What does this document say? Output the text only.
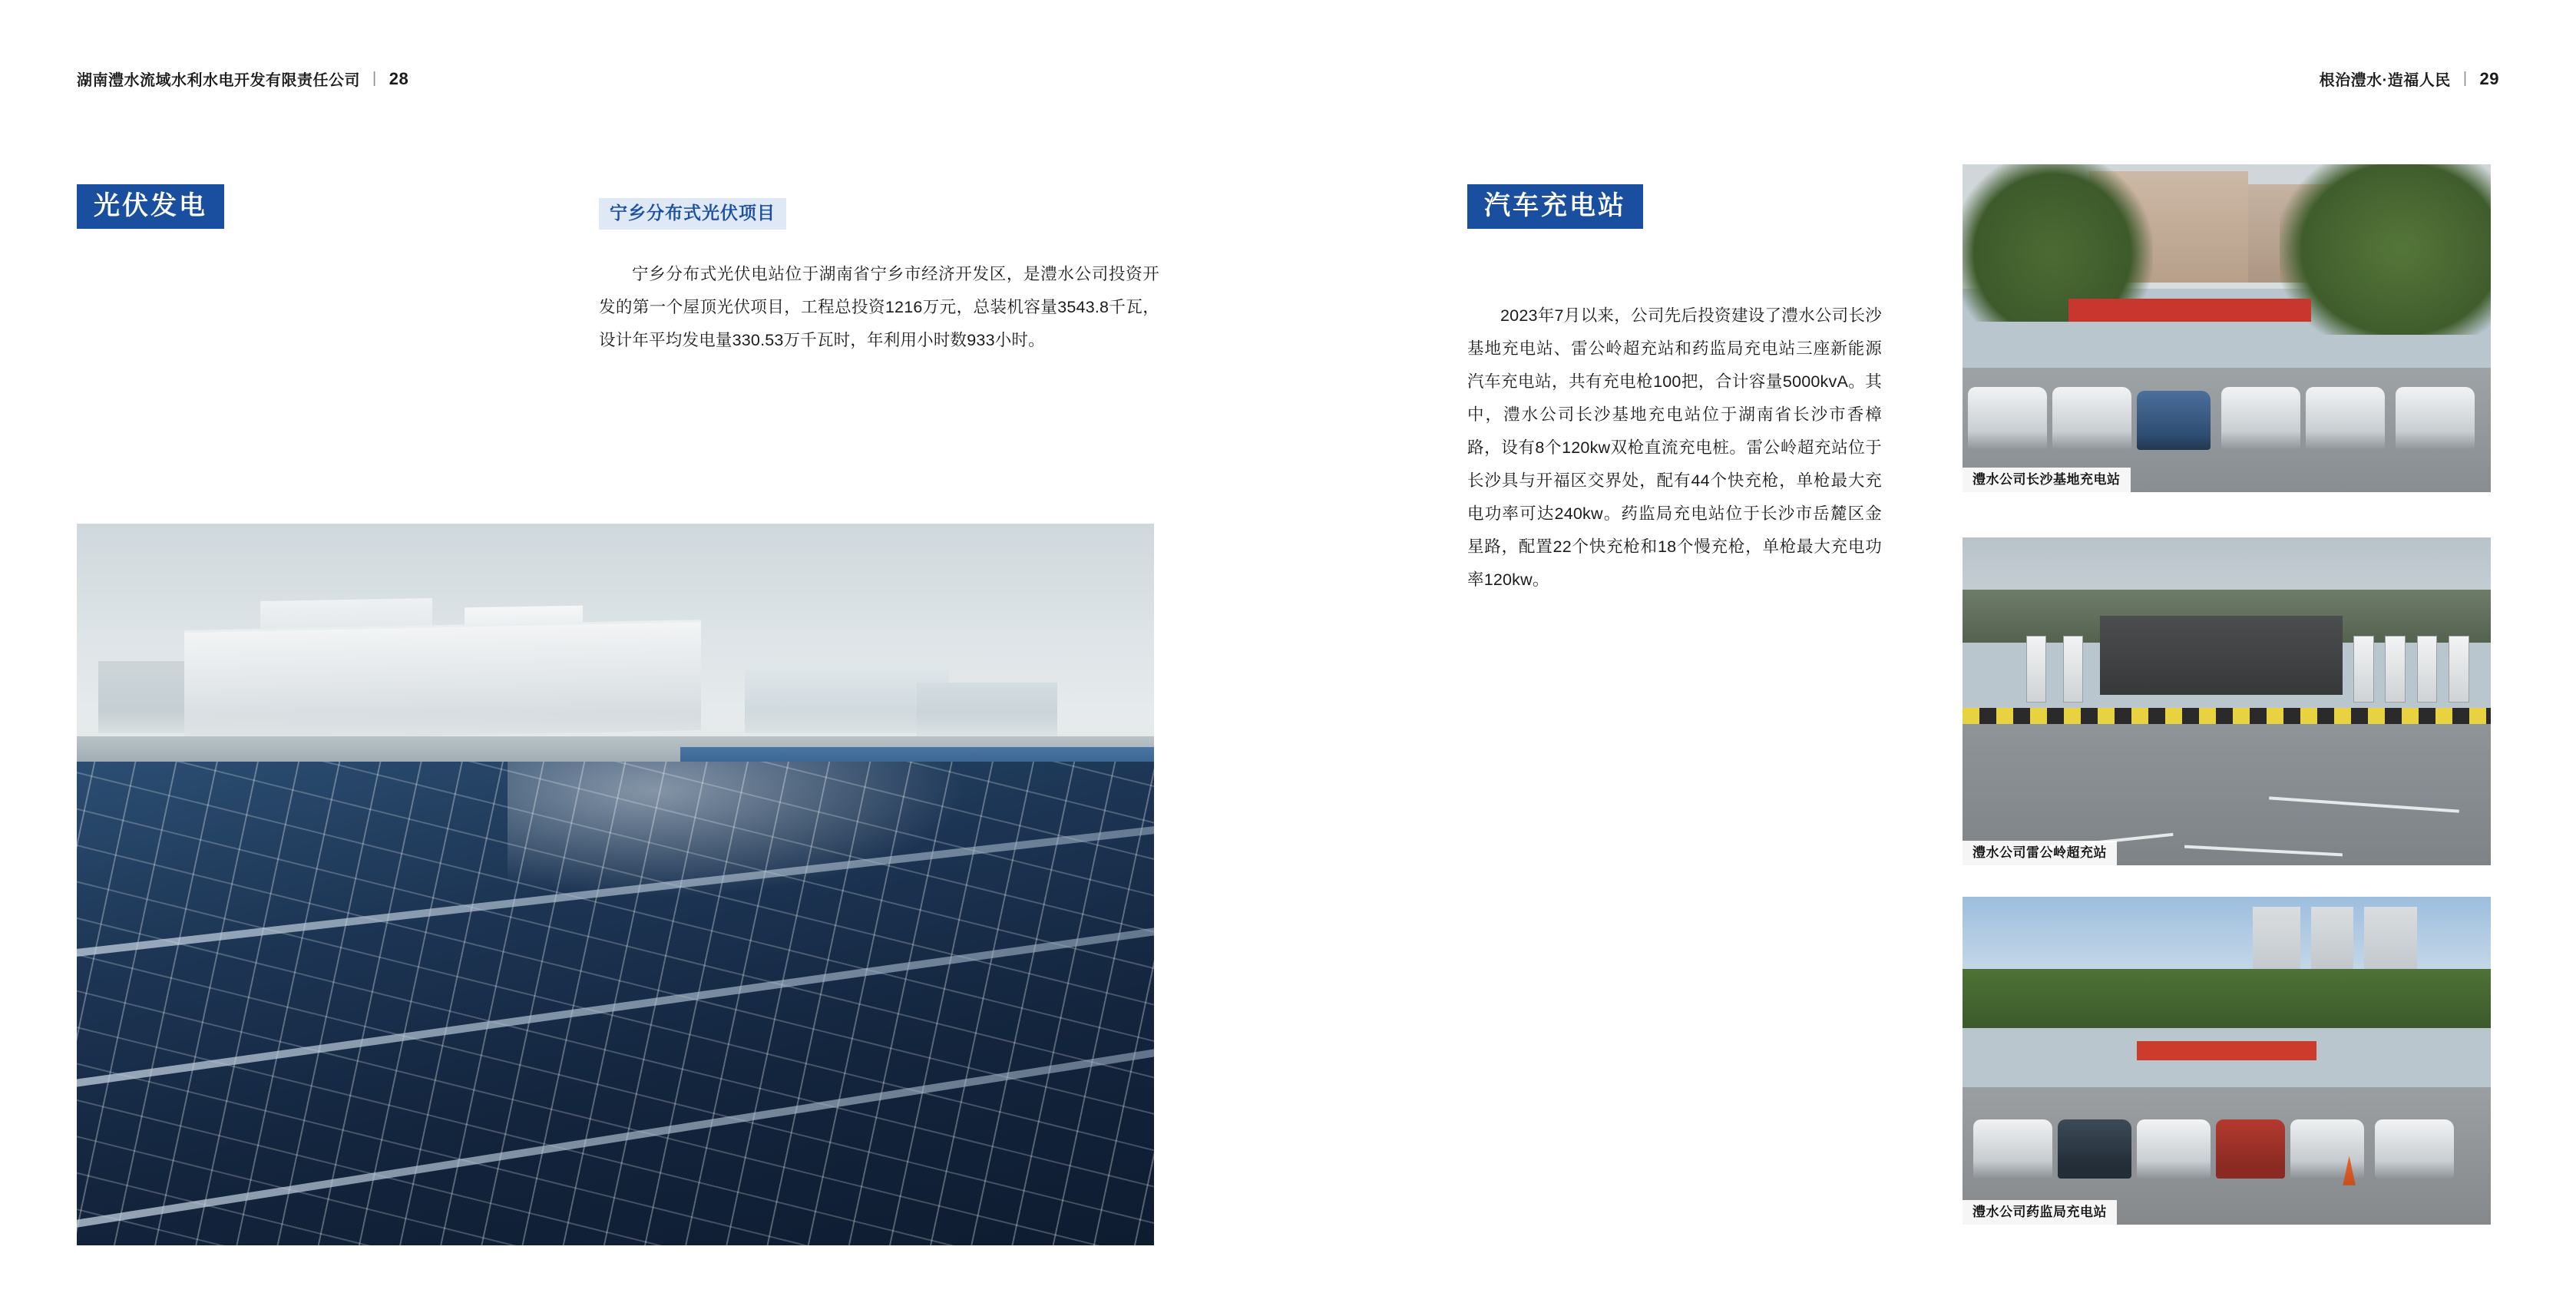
湖南澧水流域水利水电开发有限责任公司 | 28
光伏发电	宁乡分布式光伏项目
宁乡分布式光伏电站位于湖南省宁乡市经济开发区，是澧水公司投资开发的第一个屋顶光伏项目，工程总投资1216万元，总装机容量3543.8千瓦，设计年平均发电量330.53万千瓦时，年利用小时数933小时。
根治澧水·造福人民 | 29
汽车充电站
2023年7月以来，公司先后投资建设了澧水公司长沙基地充电站、雷公岭超充站和药监局充电站三座新能源汽车充电站，共有充电枪100把，合计容量5000kvA。其中，澧水公司长沙基地充电站位于湖南省长沙市香樟路，设有8个120kw双枪直流充电桩。雷公岭超充站位于长沙具与开福区交界处，配有44个快充枪，单枪最大充电功率可达240kw。药监局充电站位于长沙市岳麓区金星路，配置22个快充枪和18个慢充枪，单枪最大充电功率120kw。
澧水公司长沙基地充电站
澧水公司雷公岭超充站
澧水公司药监局充电站
